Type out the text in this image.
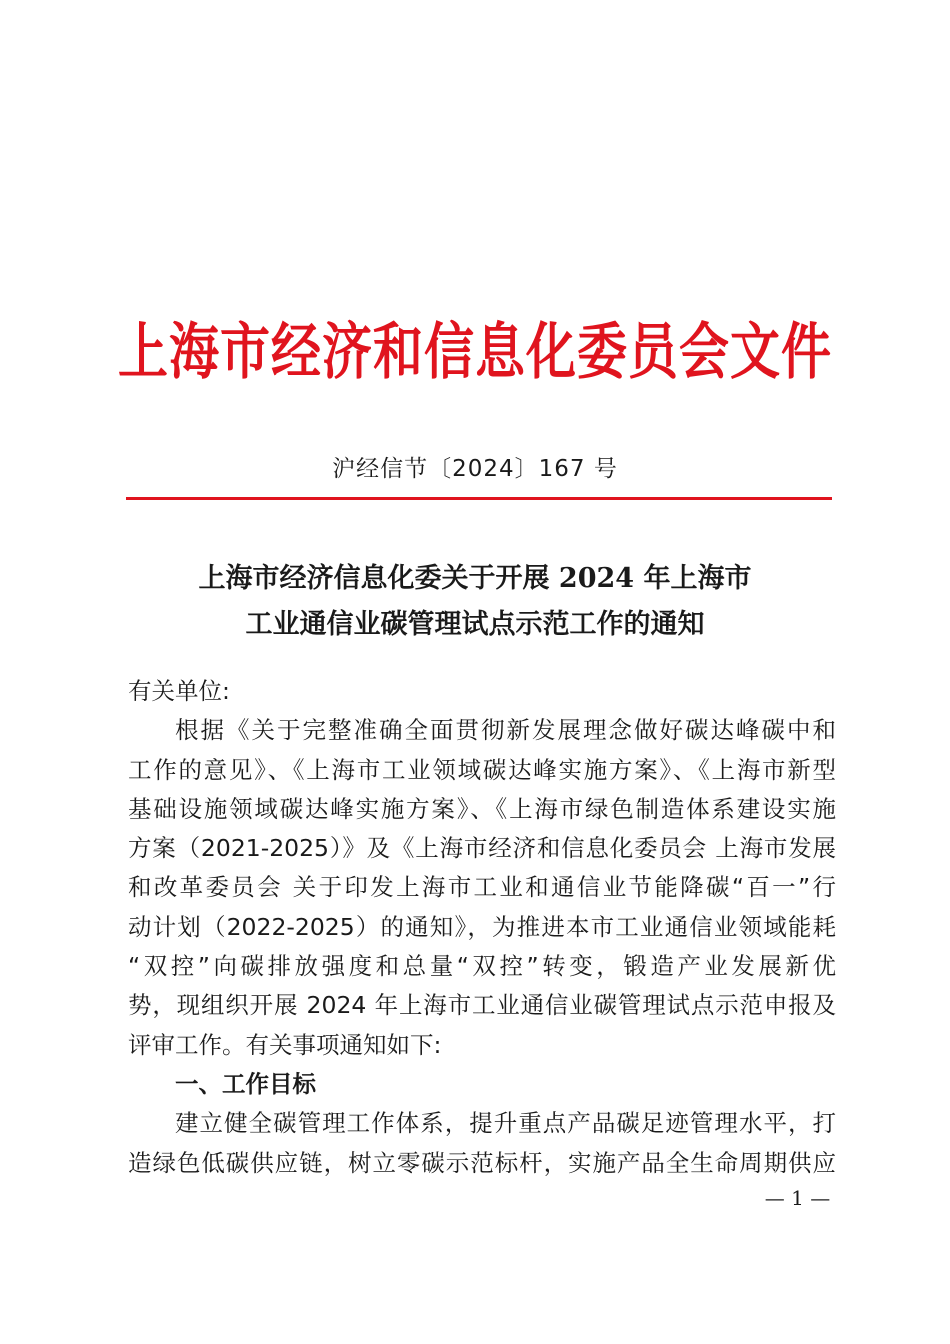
上海市经济和信息化委员会文件
沪经信节〔2024〕167 号
上海市经济信息化委关于开展 2024 年上海市
工业通信业碳管理试点示范工作的通知
有关单位:
根据《关于完整准确全面贯彻新发展理念做好碳达峰碳中和
工作的意见》、《上海市工业领域碳达峰实施方案》、《上海市新型
基础设施领域碳达峰实施方案》、《上海市绿色制造体系建设实施
方案（2021-2025）》及《上海市经济和信息化委员会 上海市发展
和改革委员会 关于印发上海市工业和通信业节能降碳“百一”行
动计划（2022-2025）的通知》，为推进本市工业通信业领域能耗
“双控”向碳排放强度和总量“双控”转变，锻造产业发展新优
势，现组织开展 2024 年上海市工业通信业碳管理试点示范申报及
评审工作。有关事项通知如下:
一、工作目标
建立健全碳管理工作体系，提升重点产品碳足迹管理水平，打
造绿色低碳供应链，树立零碳示范标杆，实施产品全生命周期供应
— 1 —
